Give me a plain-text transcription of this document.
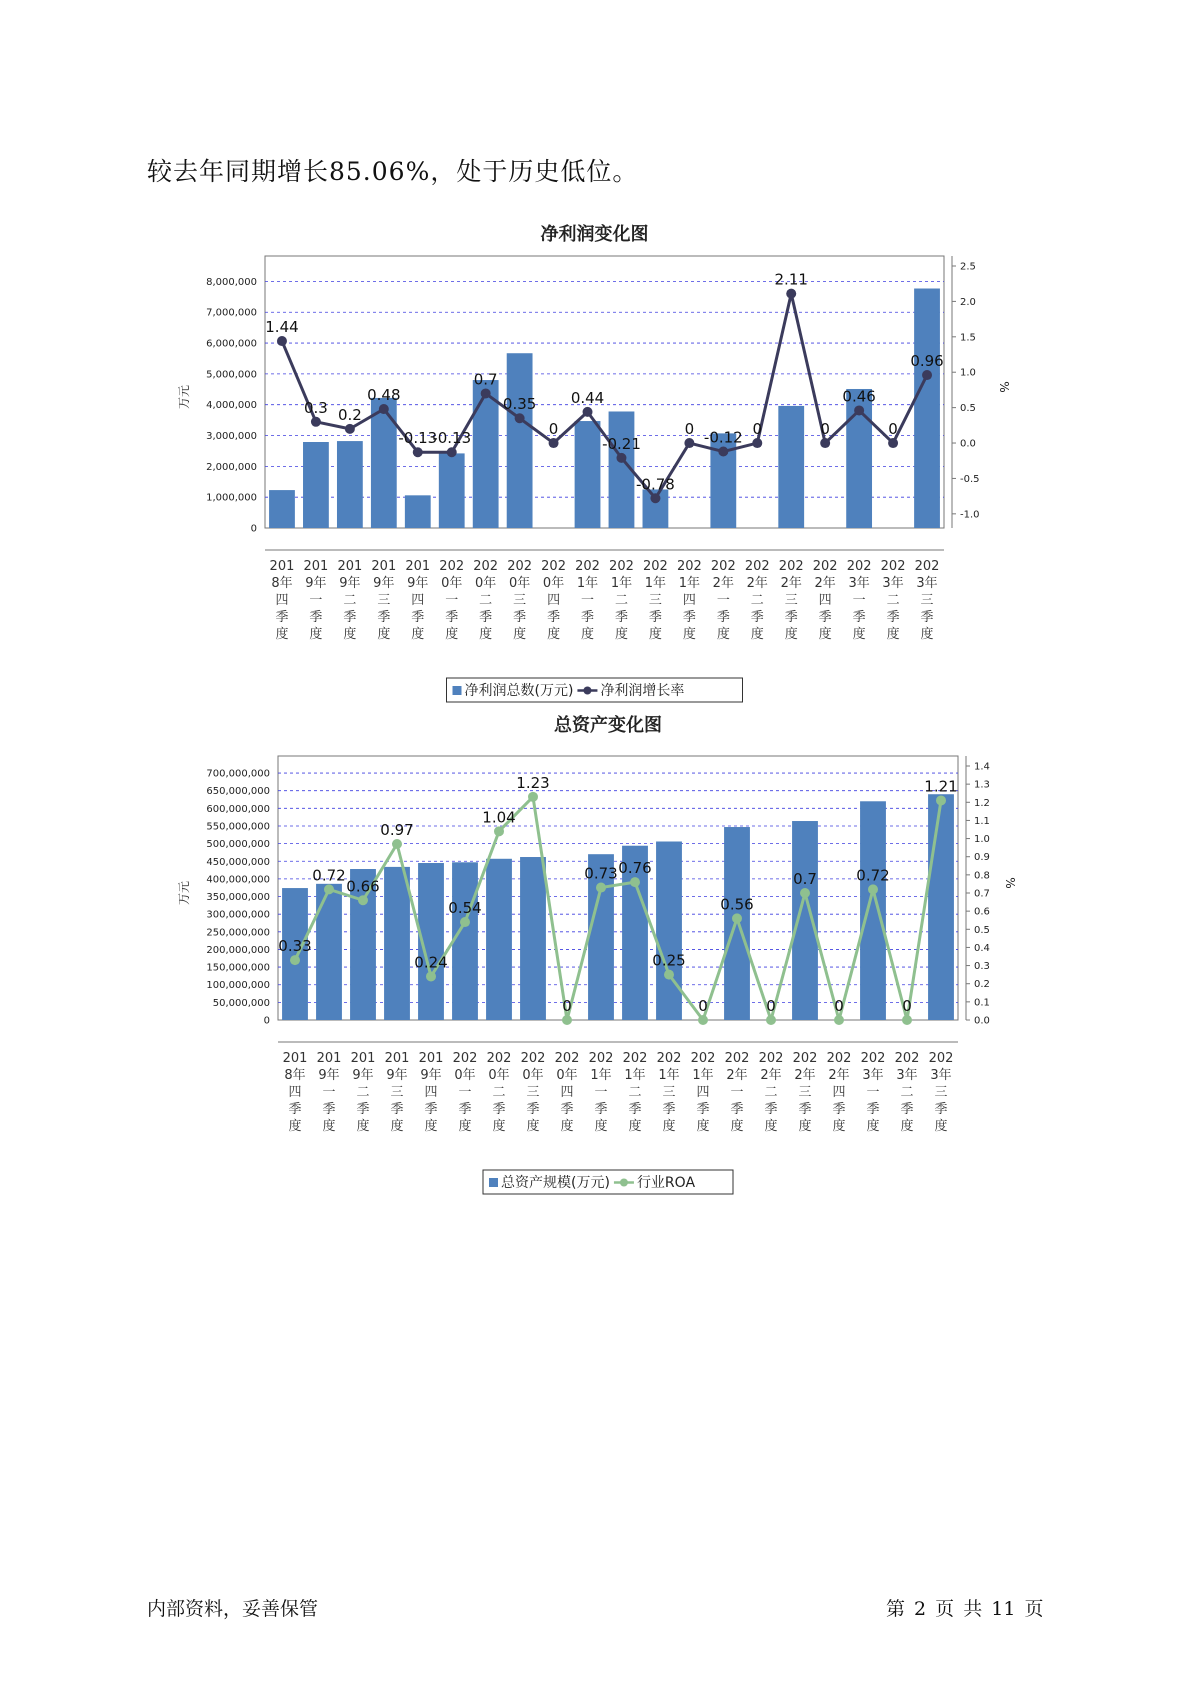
较去年同期增长85.06%，处于历史低位。
净利润变化图
0
1,000,000
2,000,000
3,000,000
4,000,000
5,000,000
6,000,000
7,000,000
8,000,000
-1.0
-0.5
0.0
0.5
1.0
1.5
2.0
2.5
万元	%
201 8年四季度
201 9年一季度
201 9年二季度
201 9年三季度
201 9年四季度
202 0年一季度
202 0年二季度
202 0年三季度
202 0年四季度
202 1年一季度
202 1年二季度
202 1年三季度
202 1年四季度
202 2年一季度
202 2年二季度
202 2年三季度
202 2年四季度
202 3年一季度
202 3年二季度
202 3年三季度
1.44
0.3 0.2
0.48
-0.13
-0.13
0.7
0.35
0
0.44
-0.21
-0.78
0 -0.12 0
2.11
0
0.46
0
0.96
净利润总数(万元) 净利润增长率
总资产变化图
0
50,000,000
100,000,000
150,000,000
200,000,000
250,000,000
300,000,000
350,000,000
400,000,000
450,000,000
500,000,000
550,000,000
600,000,000
650,000,000
700,000,000
0.0
0.1
0.2
0.3
0.4
0.5
0.6
0.7
0.8
0.9
1.0
1.1
1.2
1.3
1.4
万元	%
201 8年四季度
201 9年一季度
201 9年二季度
201 9年三季度
201 9年四季度
202 0年一季度
202 0年二季度
202 0年三季度
202 0年四季度
202 1年一季度
202 1年二季度
202 1年三季度
202 1年四季度
202 2年一季度
202 2年二季度
202 2年三季度
202 2年四季度
202 3年一季度
202 3年二季度
202 3年三季度
0.33
0.72
0.66
0.97
0.24
0.54
1.04
1.23
0
0.73 0.76
0.25
0
0.56
0
0.7
0
0.72
0
1.21
总资产规模(万元) 行业ROA
内部资料，妥善保管	第 2 页 共 11 页
